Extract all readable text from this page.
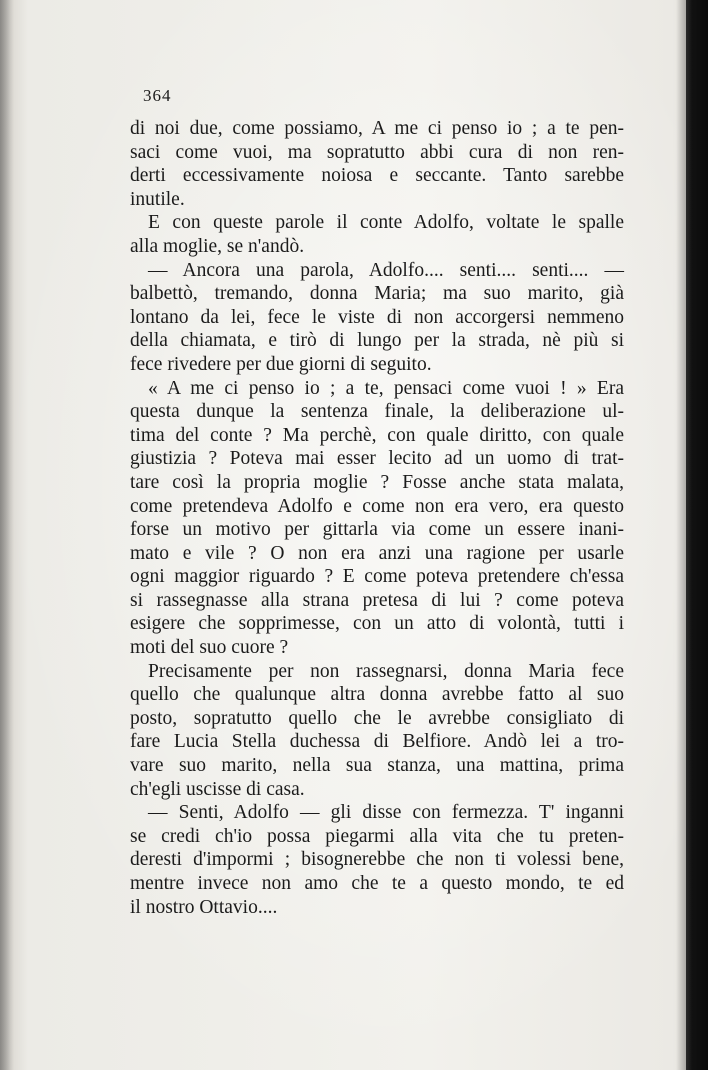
364
di noi due, come possiamo, A me ci penso io ; a te pen-
saci come vuoi, ma sopratutto abbi cura di non ren-
derti eccessivamente noiosa e seccante. Tanto sarebbe
inutile.
E con queste parole il conte Adolfo, voltate le spalle
alla moglie, se n'andò.
— Ancora una parola, Adolfo.... senti.... senti.... —
balbettò, tremando, donna Maria; ma suo marito, già
lontano da lei, fece le viste di non accorgersi nemmeno
della chiamata, e tirò di lungo per la strada, nè più si
fece rivedere per due giorni di seguito.
« A me ci penso io ; a te, pensaci come vuoi ! » Era
questa dunque la sentenza finale, la deliberazione ul-
tima del conte ? Ma perchè, con quale diritto, con quale
giustizia ? Poteva mai esser lecito ad un uomo di trat-
tare così la propria moglie ? Fosse anche stata malata,
come pretendeva Adolfo e come non era vero, era questo
forse un motivo per gittarla via come un essere inani-
mato e vile ? O non era anzi una ragione per usarle
ogni maggior riguardo ? E come poteva pretendere ch'essa
si rassegnasse alla strana pretesa di lui ? come poteva
esigere che sopprimesse, con un atto di volontà, tutti i
moti del suo cuore ?
Precisamente per non rassegnarsi, donna Maria fece
quello che qualunque altra donna avrebbe fatto al suo
posto, sopratutto quello che le avrebbe consigliato di
fare Lucia Stella duchessa di Belfiore. Andò lei a tro-
vare suo marito, nella sua stanza, una mattina, prima
ch'egli uscisse di casa.
— Senti, Adolfo — gli disse con fermezza. T' inganni
se credi ch'io possa piegarmi alla vita che tu preten-
deresti d'impormi ; bisognerebbe che non ti volessi bene,
mentre invece non amo che te a questo mondo, te ed
il nostro Ottavio....
